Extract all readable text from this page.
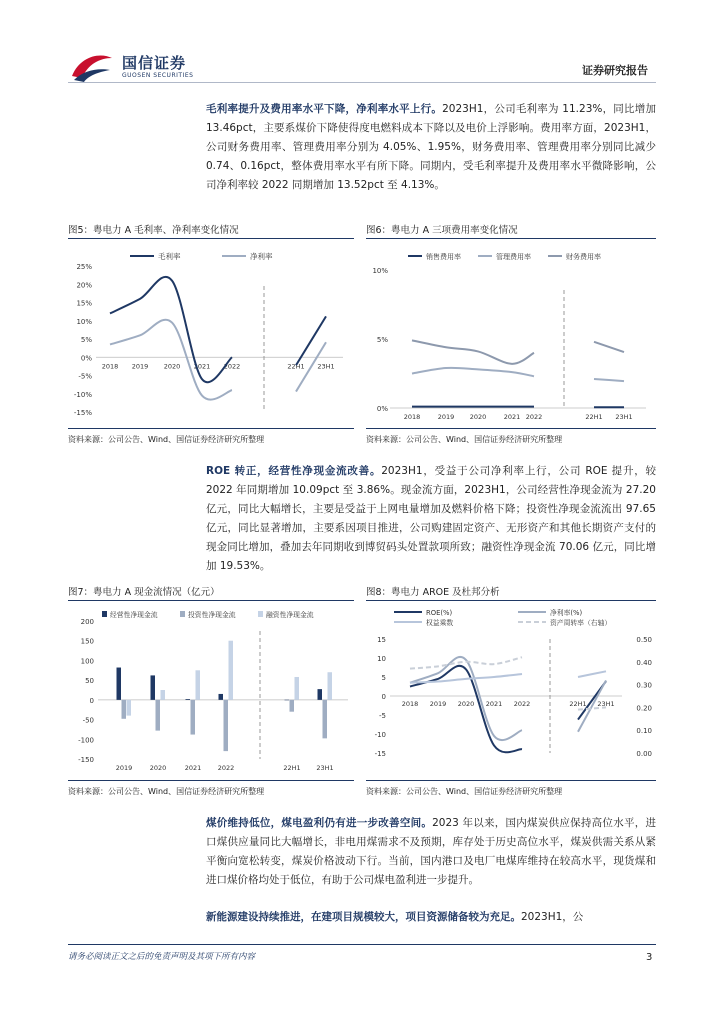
国信证券
GUOSEN SECURITIES	证券研究报告

毛利率提升及费用率水平下降，净利率水平上行。2023H1，公司毛利率为 11.23%，同比增加 13.46pct，主要系煤价下降使得度电燃料成本下降以及电价上浮影响。费用率方面，2023H1，公司财务费用率、管理费用率分别为 4.05%、1.95%，财务费用率、管理费用率分别同比减少 0.74、0.16pct，整体费用率水平有所下降。同期内，受毛利率提升及费用率水平微降影响，公司净利率较 2022 同期增加 13.52pct 至 4.13%。

图5：粤电力 A 毛利率、净利率变化情况
25%
20%
15%
10%
5%
0%
-5%
-10%
-15%
2018 2019 2020 2021 2022	22H1 23H1
毛利率	净利率
资料来源：公司公告、Wind、国信证券经济研究所整理
图6：粤电力 A 三项费用率变化情况
10%
5%
0%
2018	2019 2020	2021 2022	22H1 23H1
销售费用率	管理费用率	财务费用率
资料来源：公司公告、Wind、国信证券经济研究所整理

ROE 转正，经营性净现金流改善。2023H1，受益于公司净利率上行，公司 ROE 提升，较 2022 年同期增加 10.09pct 至 3.86%。现金流方面，2023H1，公司经营性净现金流为 27.20 亿元，同比大幅增长，主要是受益于上网电量增加及燃料价格下降；投资性净现金流流出 97.65 亿元，同比显著增加，主要系因项目推进，公司购建固定资产、无形资产和其他长期资产支付的现金同比增加，叠加去年同期收到博贸码头处置款项所致；融资性净现金流 70.06 亿元，同比增加 19.53%。

图7：粤电力 A 现金流情况（亿元）
200
150
100
50
0
-50
-100
-150
2019	2020	2021	2022	22H1 23H1
经营性净现金流	投资性净现金流	融资性净现金流
资料来源：公司公告、Wind、国信证券经济研究所整理
图8：粤电力 AROE 及杜邦分析
15
10
5
0
-5
-10
-15
0.50
0.40
0.30
0.20
0.10
0.00
2018 2019 2020 2021 2022	22H1 23H1
ROE(%)	净利率(%)
权益乘数	资产周转率（右轴）
资料来源：公司公告、Wind、国信证券经济研究所整理

煤价维持低位，煤电盈利仍有进一步改善空间。2023 年以来，国内煤炭供应保持高位水平，进口煤供应量同比大幅增长，非电用煤需求不及预期，库存处于历史高位水平，煤炭供需关系从紧平衡向宽松转变，煤炭价格波动下行。当前，国内港口及电厂电煤库维持在较高水平，现货煤和进口煤价格均处于低位，有助于公司煤电盈利进一步提升。

新能源建设持续推进，在建项目规模较大，项目资源储备较为充足。2023H1，公

请务必阅读正文之后的免责声明及其项下所有内容	3
